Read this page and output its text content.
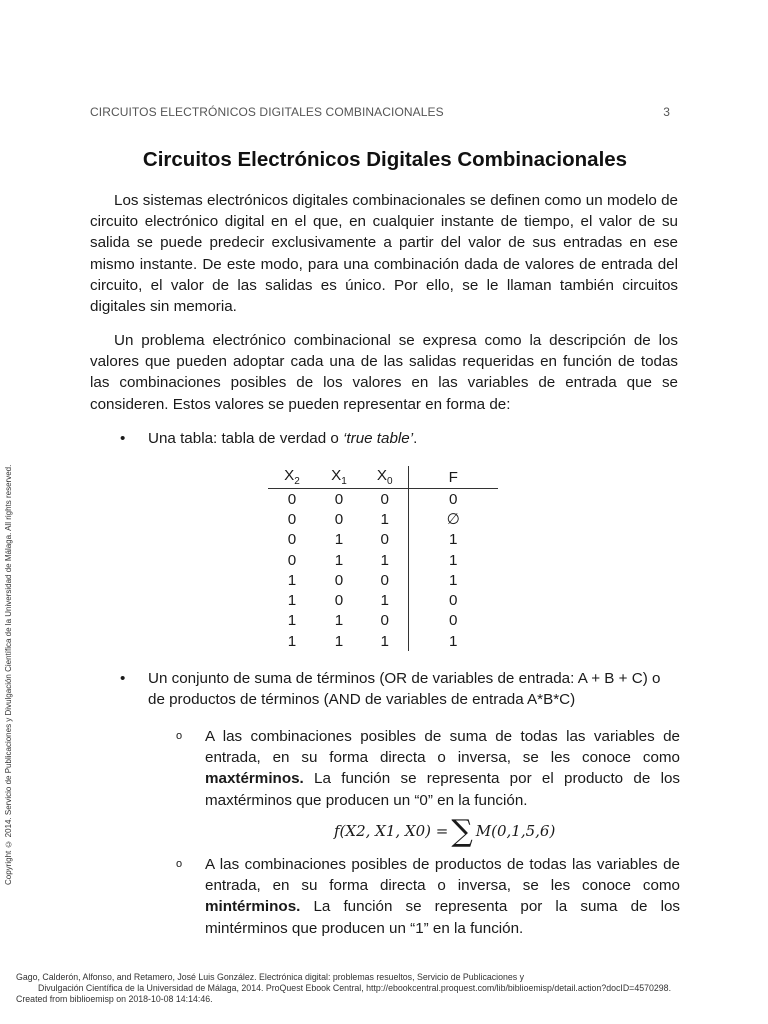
CIRCUITOS ELECTRÓNICOS DIGITALES COMBINACIONALES	3
Circuitos Electrónicos Digitales Combinacionales

Los sistemas electrónicos digitales combinacionales se definen como un modelo de circuito electrónico digital en el que, en cualquier instante de tiempo, el valor de su salida se puede predecir exclusivamente a partir del valor de sus entradas en ese mismo instante. De este modo, para una combinación dada de valores de entrada del circuito, el valor de las salidas es único. Por ello, se le llaman también circuitos digitales sin memoria.

Un problema electrónico combinacional se expresa como la descripción de los valores que pueden adoptar cada una de las salidas requeridas en función de todas las combinaciones posibles de los valores en las variables de entrada que se consideren. Estos valores se pueden representar en forma de:

•	Una tabla: tabla de verdad o ‘true table’.
$X_2$	$X_1$	$X_0$	F
0	0	0	0
0	0	1	∅
0	1	0	1
0	1	1	1
1	0	0	1
1	0	1	0
1	1	0	0
1	1	1	1
•	Un conjunto de suma de términos (OR de variables de entrada: A + B + C) o de productos de términos (AND de variables de entrada A*B*C)
o A las combinaciones posibles de suma de todas las variables de entrada, en su forma directa o inversa, se les conoce como maxtérminos. La función se representa por el producto de los maxtérminos que producen un “0” en la función.
f(X2, X1, X0) = ∑ M(0,1,5,6)
o A las combinaciones posibles de productos de todas las variables de entrada, en su forma directa o inversa, se les conoce como mintérminos. La función se representa por la suma de los mintérminos que producen un “1” en la función.
Copyright © 2014. Servicio de Publicaciones y Divulgación Científica de la Universidad de Málaga. All rights reserved.
Gago, Calderón, Alfonso, and Retamero, José Luis González. Electrónica digital: problemas resueltos, Servicio de Publicaciones y
Divulgación Científica de la Universidad de Málaga, 2014. ProQuest Ebook Central, http://ebookcentral.proquest.com/lib/biblioemisp/detail.action?docID=4570298.
Created from biblioemisp on 2018-10-08 14:14:46.
